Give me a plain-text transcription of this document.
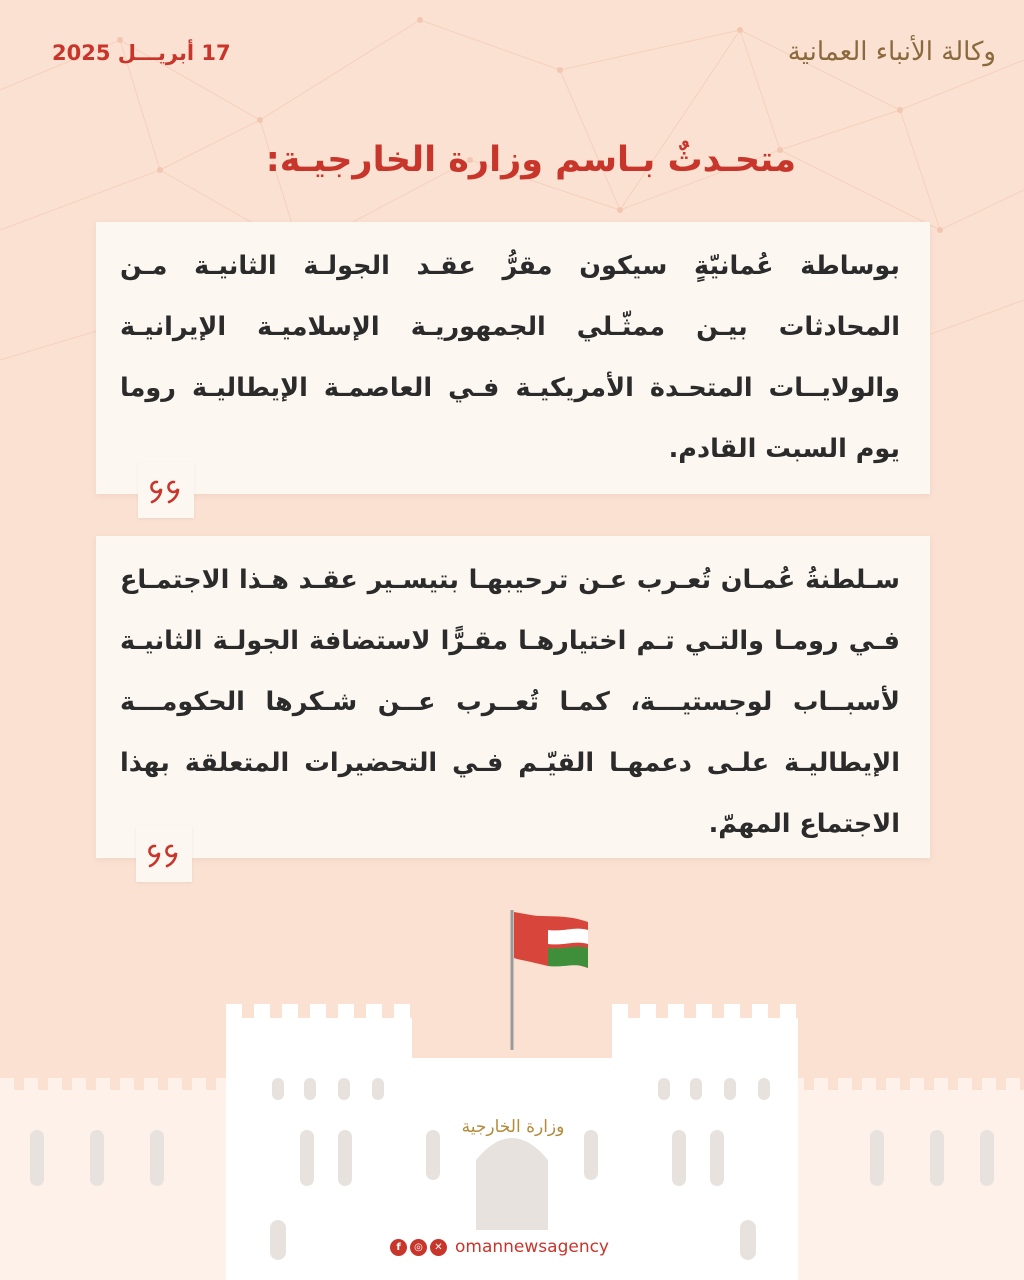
وكالة الأنباء العمانية
17 أبريـــل 2025
متحـدثٌ بـاسم وزارة الخارجيـة:
بوساطة عُمانيّةٍ سيكون مقرُّ عقـد الجولـة الثانيـة مـن المحادثات بيـن ممثّـلي الجمهوريـة الإسلاميـة الإيرانيـة والولايــات المتحـدة الأمريكيـة فـي العاصمـة الإيطاليـة روما يوم السبت القادم.
سـلطنةُ عُمـان تُعـرب عـن ترحيبهـا بتيسـير عقـد هـذا الاجتمـاع فـي رومـا والتـي تـم اختيارهـا مقـرًّا لاستضافة الجولـة الثانيـة لأسبــاب لوجستيـــة، كمـا تُعــرب عــن شـكرها الحكومـــة الإيطاليـة علـى دعمهـا القيّـم فـي التحضيرات المتعلقة بهذا الاجتماع المهمّ.
وزارة الخارجية
f	◎	✕ omannewsagency
